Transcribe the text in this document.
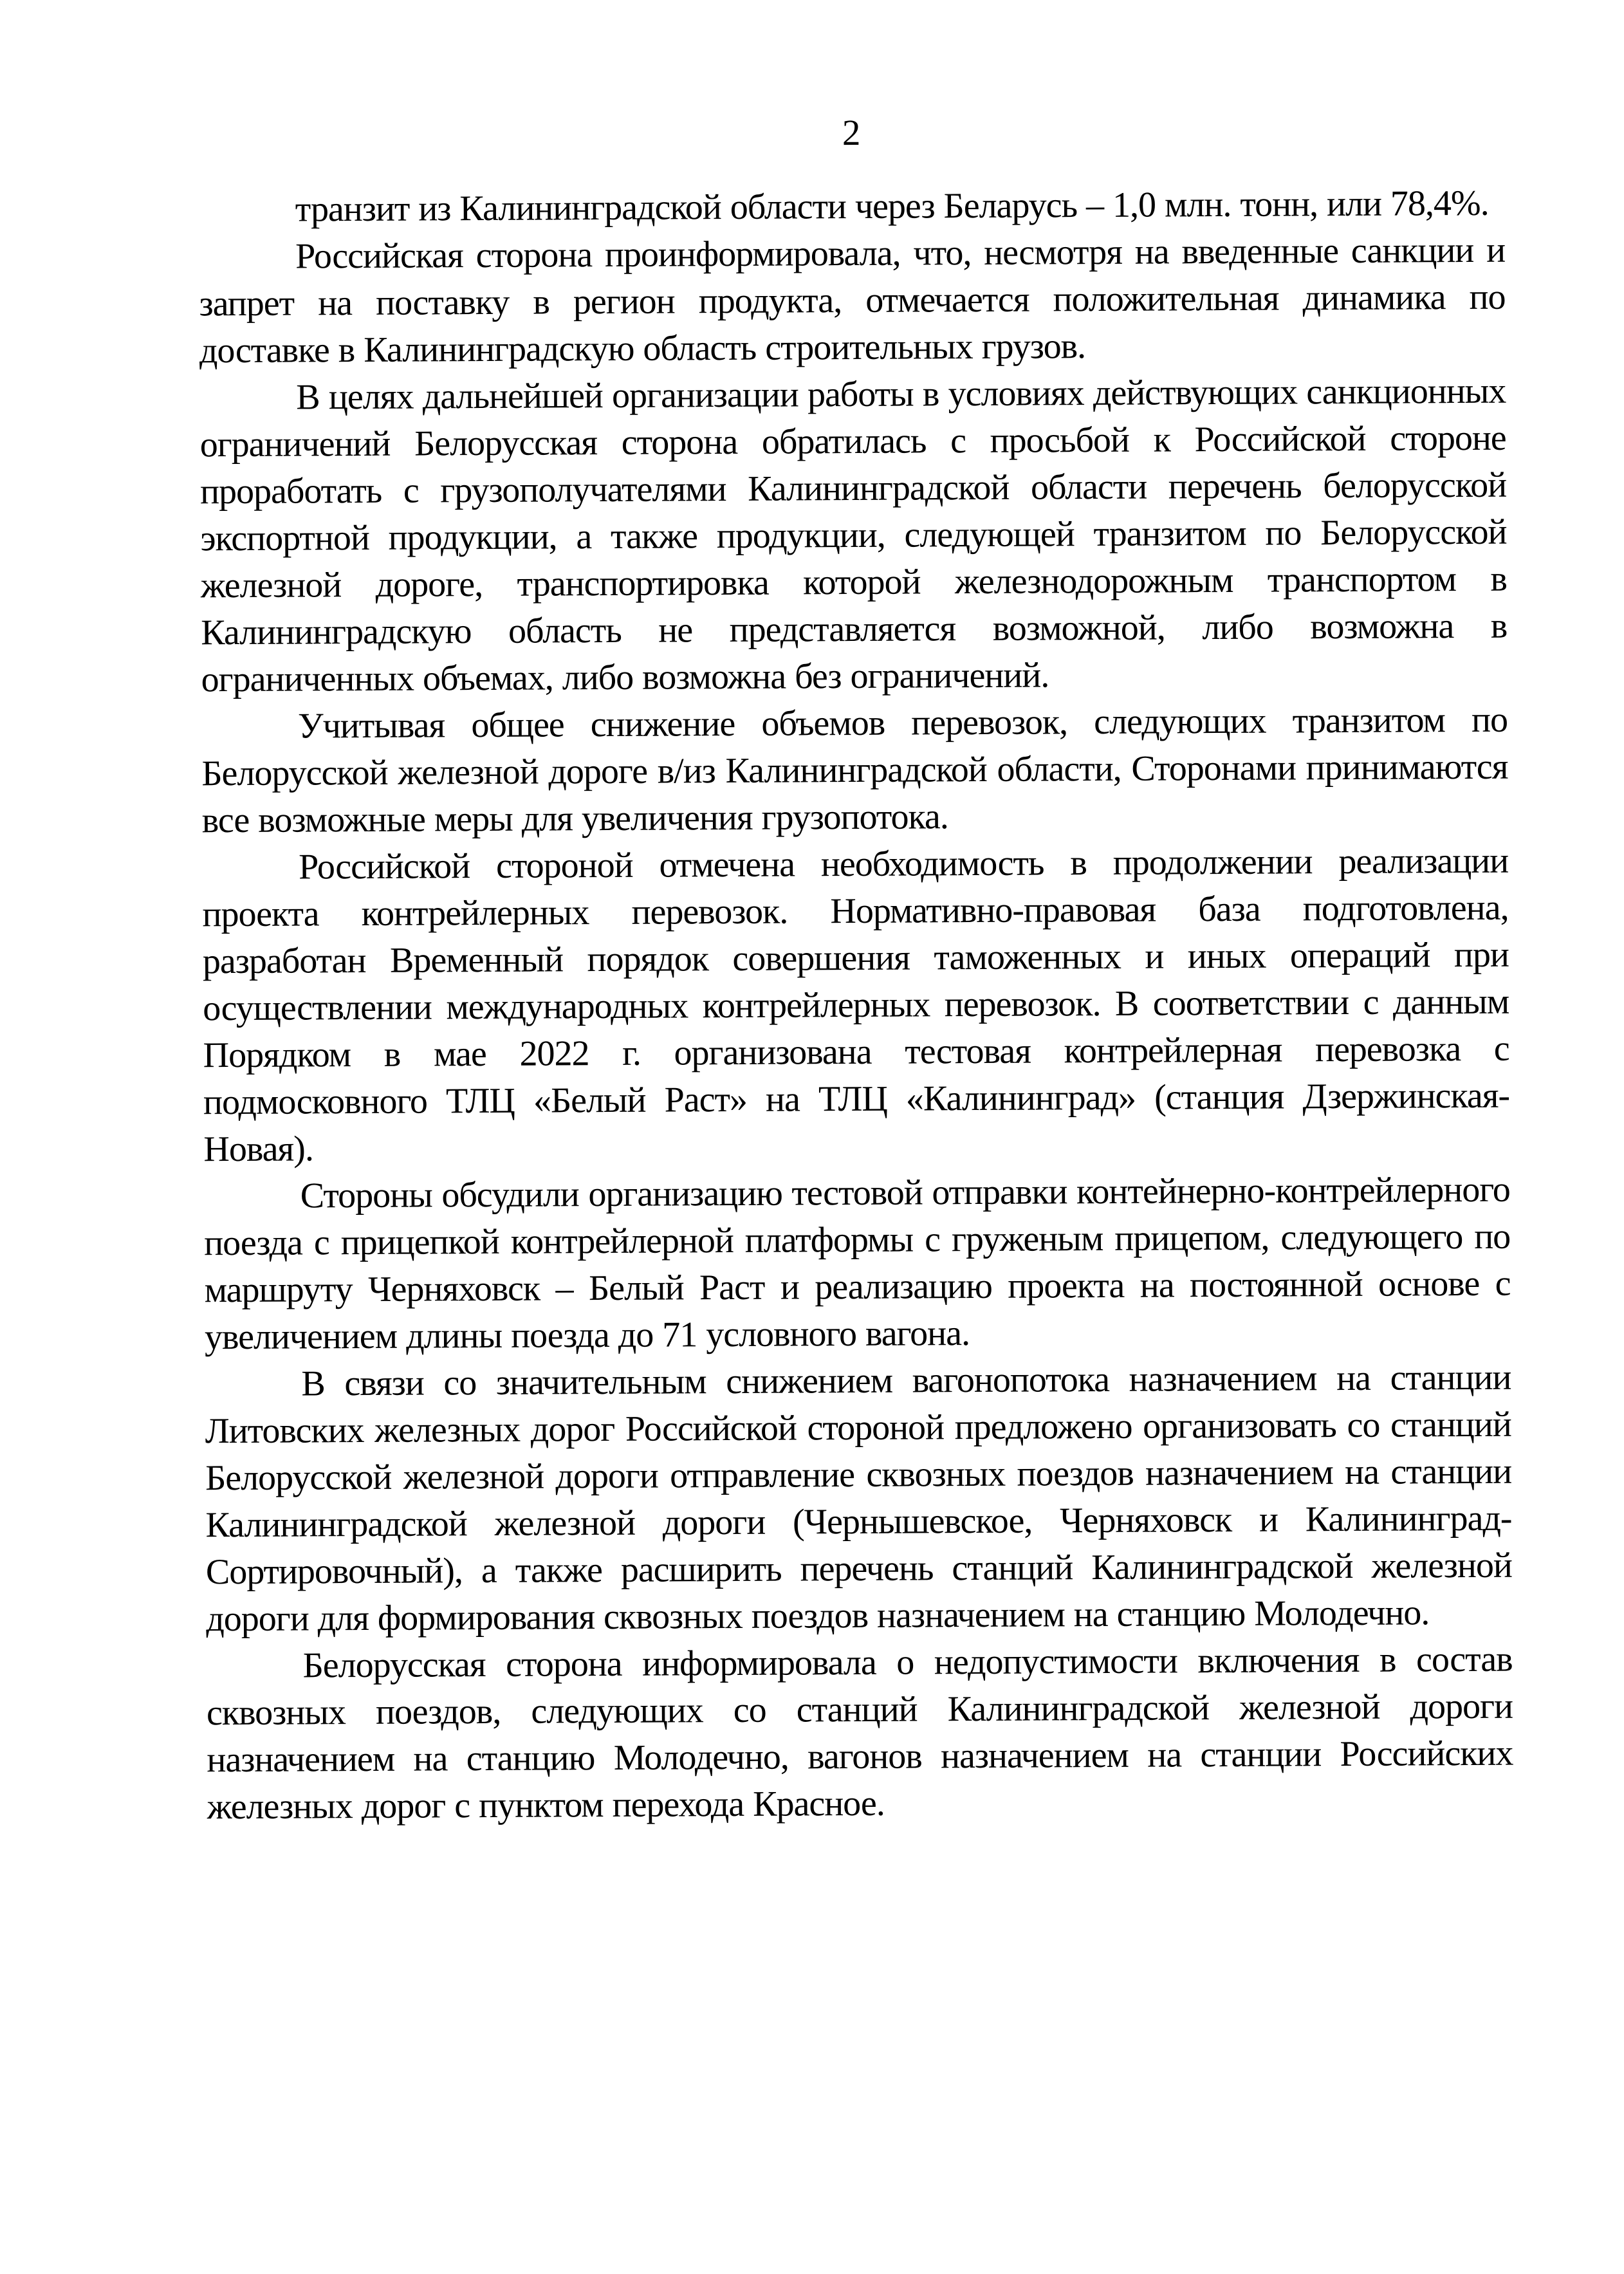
2

транзит из Калининградской области через Беларусь – 1,0 млн. тонн, или 78,4%.

Российская сторона проинформировала, что, несмотря на введенные санкции и запрет на поставку в регион продукта, отмечается положительная динамика по доставке в Калининградскую область строительных грузов.

В целях дальнейшей организации работы в условиях действующих санкционных ограничений Белорусская сторона обратилась с просьбой к Российской стороне проработать с грузополучателями Калининградской области перечень белорусской экспортной продукции, а также продукции, следующей транзитом по Белорусской железной дороге, транспортировка которой железнодорожным транспортом в Калининградскую область не представляется возможной, либо возможна в ограниченных объемах, либо возможна без ограничений.

Учитывая общее снижение объемов перевозок, следующих транзитом по Белорусской железной дороге в/из Калининградской области, Сторонами принимаются все возможные меры для увеличения грузопотока.

Российской стороной отмечена необходимость в продолжении реализации проекта контрейлерных перевозок. Нормативно-правовая база подготовлена, разработан Временный порядок совершения таможенных и иных операций при осуществлении международных контрейлерных перевозок. В соответствии с данным Порядком в мае 2022 г. организована тестовая контрейлерная перевозка с подмосковного ТЛЦ «Белый Раст» на ТЛЦ «Калининград» (станция Дзержинская-Новая).

Стороны обсудили организацию тестовой отправки контейнерно-контрейлерного поезда с прицепкой контрейлерной платформы с груженым прицепом, следующего по маршруту Черняховск – Белый Раст и реализацию проекта на постоянной основе с увеличением длины поезда до 71 условного вагона.

В связи со значительным снижением вагонопотока назначением на станции Литовских железных дорог Российской стороной предложено организовать со станций Белорусской железной дороги отправление сквозных поездов назначением на станции Калининградской железной дороги (Чернышевское, Черняховск и Калининград-Сортировочный), а также расширить перечень станций Калининградской железной дороги для формирования сквозных поездов назначением на станцию Молодечно.

Белорусская сторона информировала о недопустимости включения в состав сквозных поездов, следующих со станций Калининградской железной дороги назначением на станцию Молодечно, вагонов назначением на станции Российских железных дорог с пунктом перехода Красное.
